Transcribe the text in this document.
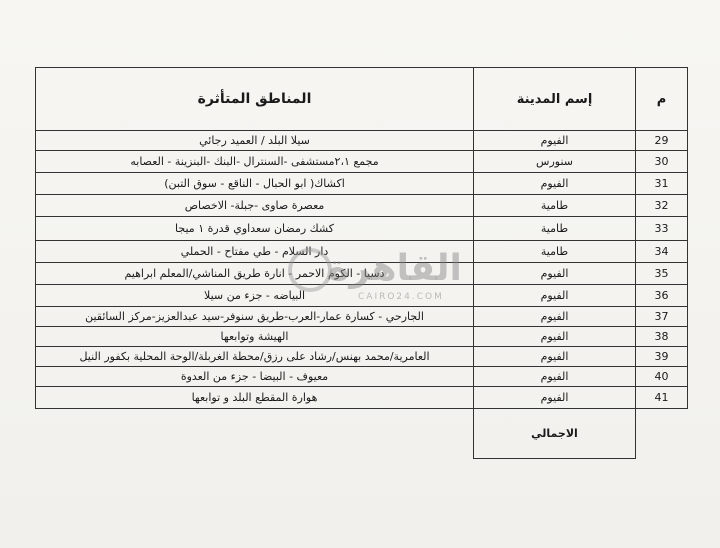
المناطق المتأثرة	إسم المدينة	م
سيلا البلد / العميد رجائي	الفيوم	29
مجمع ٢،١مستشفى -السنترال -البنك -البنزينة - العصابه	سنورس	30
اكشاك( ابو الحبال - الناقع - سوق التبن)	الفيوم	31
معصرة صاوى -جبلة- الاخصاص	طامية	32
كشك رمضان سعداوي قدرة ١ ميجا	طامية	33
دار السلام - طي مفتاح - الحملي	طامية	34
دسيا - الكوم الاحمر - انارة طريق المناشي/المعلم ابراهيم	الفيوم	35
البياضه - جزء من سيلا	الفيوم	36
الجارحي - كسارة عمار-العرب-طريق سنوفر-سيد عبدالعزيز-مركز السائقين	الفيوم	37
الهيشة وتوابعها	الفيوم	38
العامرية/محمد بهنس/رشاد على رزق/محطة الغربلة/الوحة المحلية بكفور النيل	الفيوم	39
معيوف - البيضا - جزء من العدوة	الفيوم	40
هوارة المقطع البلد و توابعها	الفيوم	41
	الاجمالي	
القاهرة
CAIRO24.COM
